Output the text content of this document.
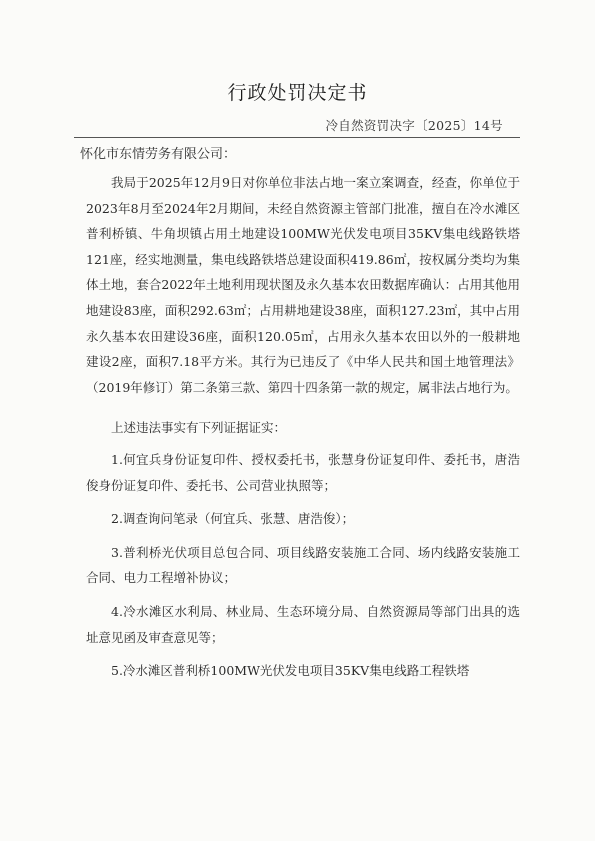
行政处罚决定书
冷自然资罚决字〔2025〕14号
怀化市东情劳务有限公司：

我局于2025年12月9日对你单位非法占地一案立案调查，经查，你单位于2023年8月至2024年2月期间，未经自然资源主管部门批准，擅自在冷水滩区普利桥镇、牛角坝镇占用土地建设100MW光伏发电项目35KV集电线路铁塔121座，经实地测量，集电线路铁塔总建设面积419.86㎡，按权属分类均为集体土地，套合2022年土地利用现状图及永久基本农田数据库确认：占用其他用地建设83座，面积292.63㎡；占用耕地建设38座，面积127.23㎡，其中占用永久基本农田建设36座，面积120.05㎡，占用永久基本农田以外的一般耕地建设2座，面积7.18平方米。其行为已违反了《中华人民共和国土地管理法》（2019年修订）第二条第三款、第四十四条第一款的规定，属非法占地行为。

上述违法事实有下列证据证实：

1.何宜兵身份证复印件、授权委托书，张慧身份证复印件、委托书，唐浩俊身份证复印件、委托书、公司营业执照等；
2.调查询问笔录（何宜兵、张慧、唐浩俊）；
3.普利桥光伏项目总包合同、项目线路安装施工合同、场内线路安装施工合同、电力工程增补协议；
4.冷水滩区水利局、林业局、生态环境分局、自然资源局等部门出具的选址意见函及审查意见等；
5.冷水滩区普利桥100MW光伏发电项目35KV集电线路工程铁塔
